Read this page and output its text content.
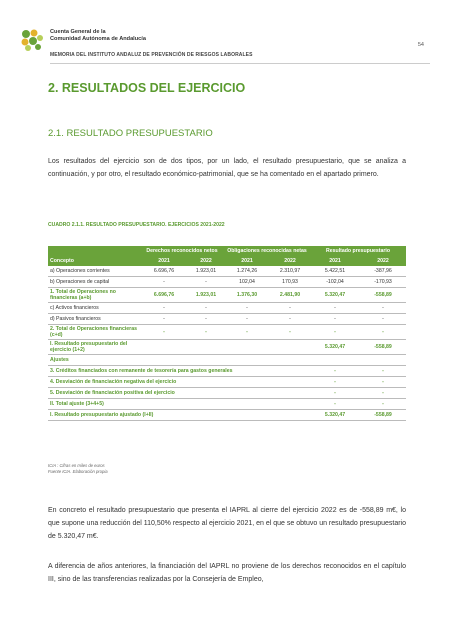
Cuenta General de la
Comunidad Autónoma de Andalucía
54
MEMORIA DEL INSTITUTO ANDALUZ DE PREVENCIÓN DE RIESGOS LABORALES
2. RESULTADOS DEL EJERCICIO
2.1. RESULTADO PRESUPUESTARIO

Los resultados del ejercicio son de dos tipos, por un lado, el resultado presupuestario, que se analiza a continuación, y por otro, el resultado económico-patrimonial, que se ha comentado en el apartado primero.

CUADRO 2.1.1. RESULTADO PRESUPUESTARIO. EJERCICIOS 2021-2022
Concepto	Derechos reconocidos netos		Obligaciones reconocidas netas		Resultado presupuestario	
	2021	2022	2021	2022	2021	2022
a) Operaciones corrientes	6.696,76	1.923,01	1.274,26	2.310,97	5.422,51	-387,96
b) Operaciones de capital	-	-	102,04	170,93	-102,04	-170,93
1. Total de Operaciones no financieras (a+b)	6.696,76	1.923,01	1.376,30	2.481,90	5.320,47	-558,89
c) Activos financieros	-	-	-	-	-	-
d) Pasivos financieros	-	-	-	-	-	-
2. Total de Operaciones financieras (c+d)	-	-	-	-	-	-
I. Resultado presupuestario del ejercicio (1+2)					5.320,47	-558,89
Ajustes						
3. Créditos financiados con remanente de tesorería para gastos generales					-	-
4. Desviación de financiación negativa del ejercicio					-	-
5. Desviación de financiación positiva del ejercicio					-	-
II. Total ajuste (3+4+5)					-	-
I. Resultado presupuestario ajustado (I+II)					5.320,47	-558,89
ICIA : Cifras en miles de euros
Fuente ICIA. Elaboración propia

En concreto el resultado presupuestario que presenta el IAPRL al cierre del ejercicio 2022 es de -558,89 m€, lo que supone una reducción del 110,50% respecto al ejercicio 2021, en el que se obtuvo un resultado presupuestario de 5.320,47 m€.

A diferencia de años anteriores, la financiación del IAPRL no proviene de los derechos reconocidos en el capítulo III, sino de las transferencias realizadas por la Consejería de Empleo,
